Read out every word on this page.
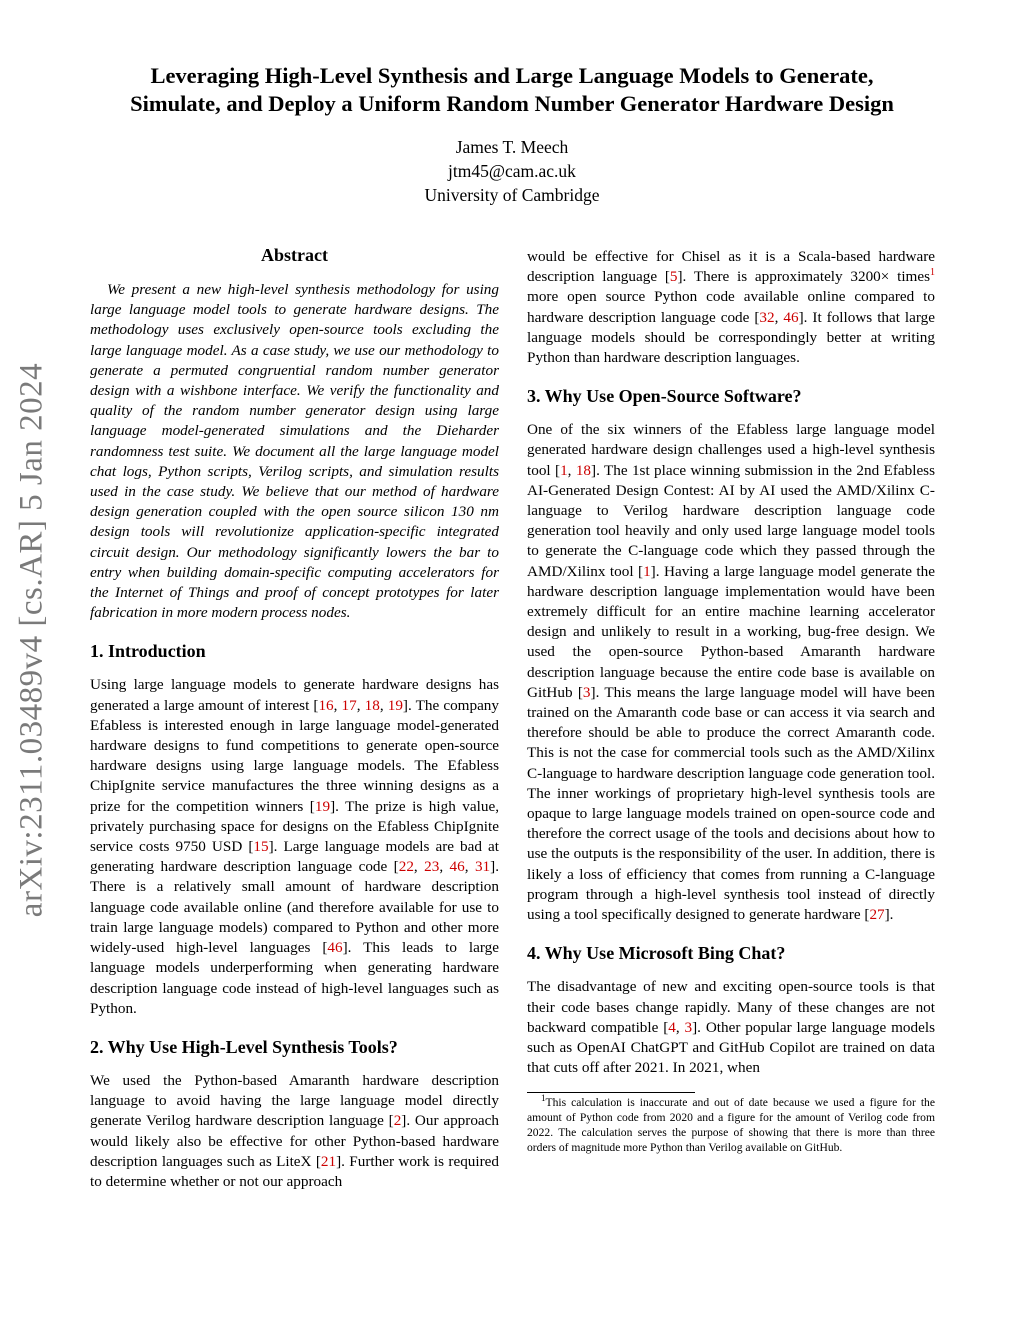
arXiv:2311.03489v4 [cs.AR] 5 Jan 2024
Leveraging High-Level Synthesis and Large Language Models to Generate,
Simulate, and Deploy a Uniform Random Number Generator Hardware Design
James T. Meech
jtm45@cam.ac.uk
University of Cambridge
Abstract

We present a new high-level synthesis methodology for using large language model tools to generate hardware designs. The methodology uses exclusively open-source tools excluding the large language model. As a case study, we use our methodology to generate a permuted congruential random number generator design with a wishbone interface. We verify the functionality and quality of the random number generator design using large language model-generated simulations and the Dieharder randomness test suite. We document all the large language model chat logs, Python scripts, Verilog scripts, and simulation results used in the case study. We believe that our method of hardware design generation coupled with the open source silicon 130 nm design tools will revolutionize application-specific integrated circuit design. Our methodology significantly lowers the bar to entry when building domain-specific computing accelerators for the Internet of Things and proof of concept prototypes for later fabrication in more modern process nodes.

1. Introduction

Using large language models to generate hardware designs has generated a large amount of interest [16, 17, 18, 19]. The company Efabless is interested enough in large language model-generated hardware designs to fund competitions to generate open-source hardware designs using large language models. The Efabless ChipIgnite service manufactures the three winning designs as a prize for the competition winners [19]. The prize is high value, privately purchasing space for designs on the Efabless ChipIgnite service costs 9750 USD [15]. Large language models are bad at generating hardware description language code [22, 23, 46, 31]. There is a relatively small amount of hardware description language code available online (and therefore available for use to train large language models) compared to Python and other more widely-used high-level languages [46]. This leads to large language models underperforming when generating hardware description language code instead of high-level languages such as Python.

2. Why Use High-Level Synthesis Tools?

We used the Python-based Amaranth hardware description language to avoid having the large language model directly generate Verilog hardware description language [2]. Our approach would likely also be effective for other Python-based hardware description languages such as LiteX [21]. Further work is required to determine whether or not our approach

would be effective for Chisel as it is a Scala-based hardware description language [5]. There is approximately 3200× times$^1$ more open source Python code available online compared to hardware description language code [32, 46]. It follows that large language models should be correspondingly better at writing Python than hardware description languages.

3. Why Use Open-Source Software?

One of the six winners of the Efabless large language model generated hardware design challenges used a high-level synthesis tool [1, 18]. The 1st place winning submission in the 2nd Efabless AI-Generated Design Contest: AI by AI used the AMD/Xilinx C-language to Verilog hardware description language code generation tool heavily and only used large language model tools to generate the C-language code which they passed through the AMD/Xilinx tool [1]. Having a large language model generate the hardware description language implementation would have been extremely difficult for an entire machine learning accelerator design and unlikely to result in a working, bug-free design. We used the open-source Python-based Amaranth hardware description language because the entire code base is available on GitHub [3]. This means the large language model will have been trained on the Amaranth code base or can access it via search and therefore should be able to produce the correct Amaranth code. This is not the case for commercial tools such as the AMD/Xilinx C-language to hardware description language code generation tool. The inner workings of proprietary high-level synthesis tools are opaque to large language models trained on open-source code and therefore the correct usage of the tools and decisions about how to use the outputs is the responsibility of the user. In addition, there is likely a loss of efficiency that comes from running a C-language program through a high-level synthesis tool instead of directly using a tool specifically designed to generate hardware [27].

4. Why Use Microsoft Bing Chat?

The disadvantage of new and exciting open-source tools is that their code bases change rapidly. Many of these changes are not backward compatible [4, 3]. Other popular large language models such as OpenAI ChatGPT and GitHub Copilot are trained on data that cuts off after 2021. In 2021, when

$^1$This calculation is inaccurate and out of date because we used a figure for the amount of Python code from 2020 and a figure for the amount of Verilog code from 2022. The calculation serves the purpose of showing that there is more than three orders of magnitude more Python than Verilog available on GitHub.
